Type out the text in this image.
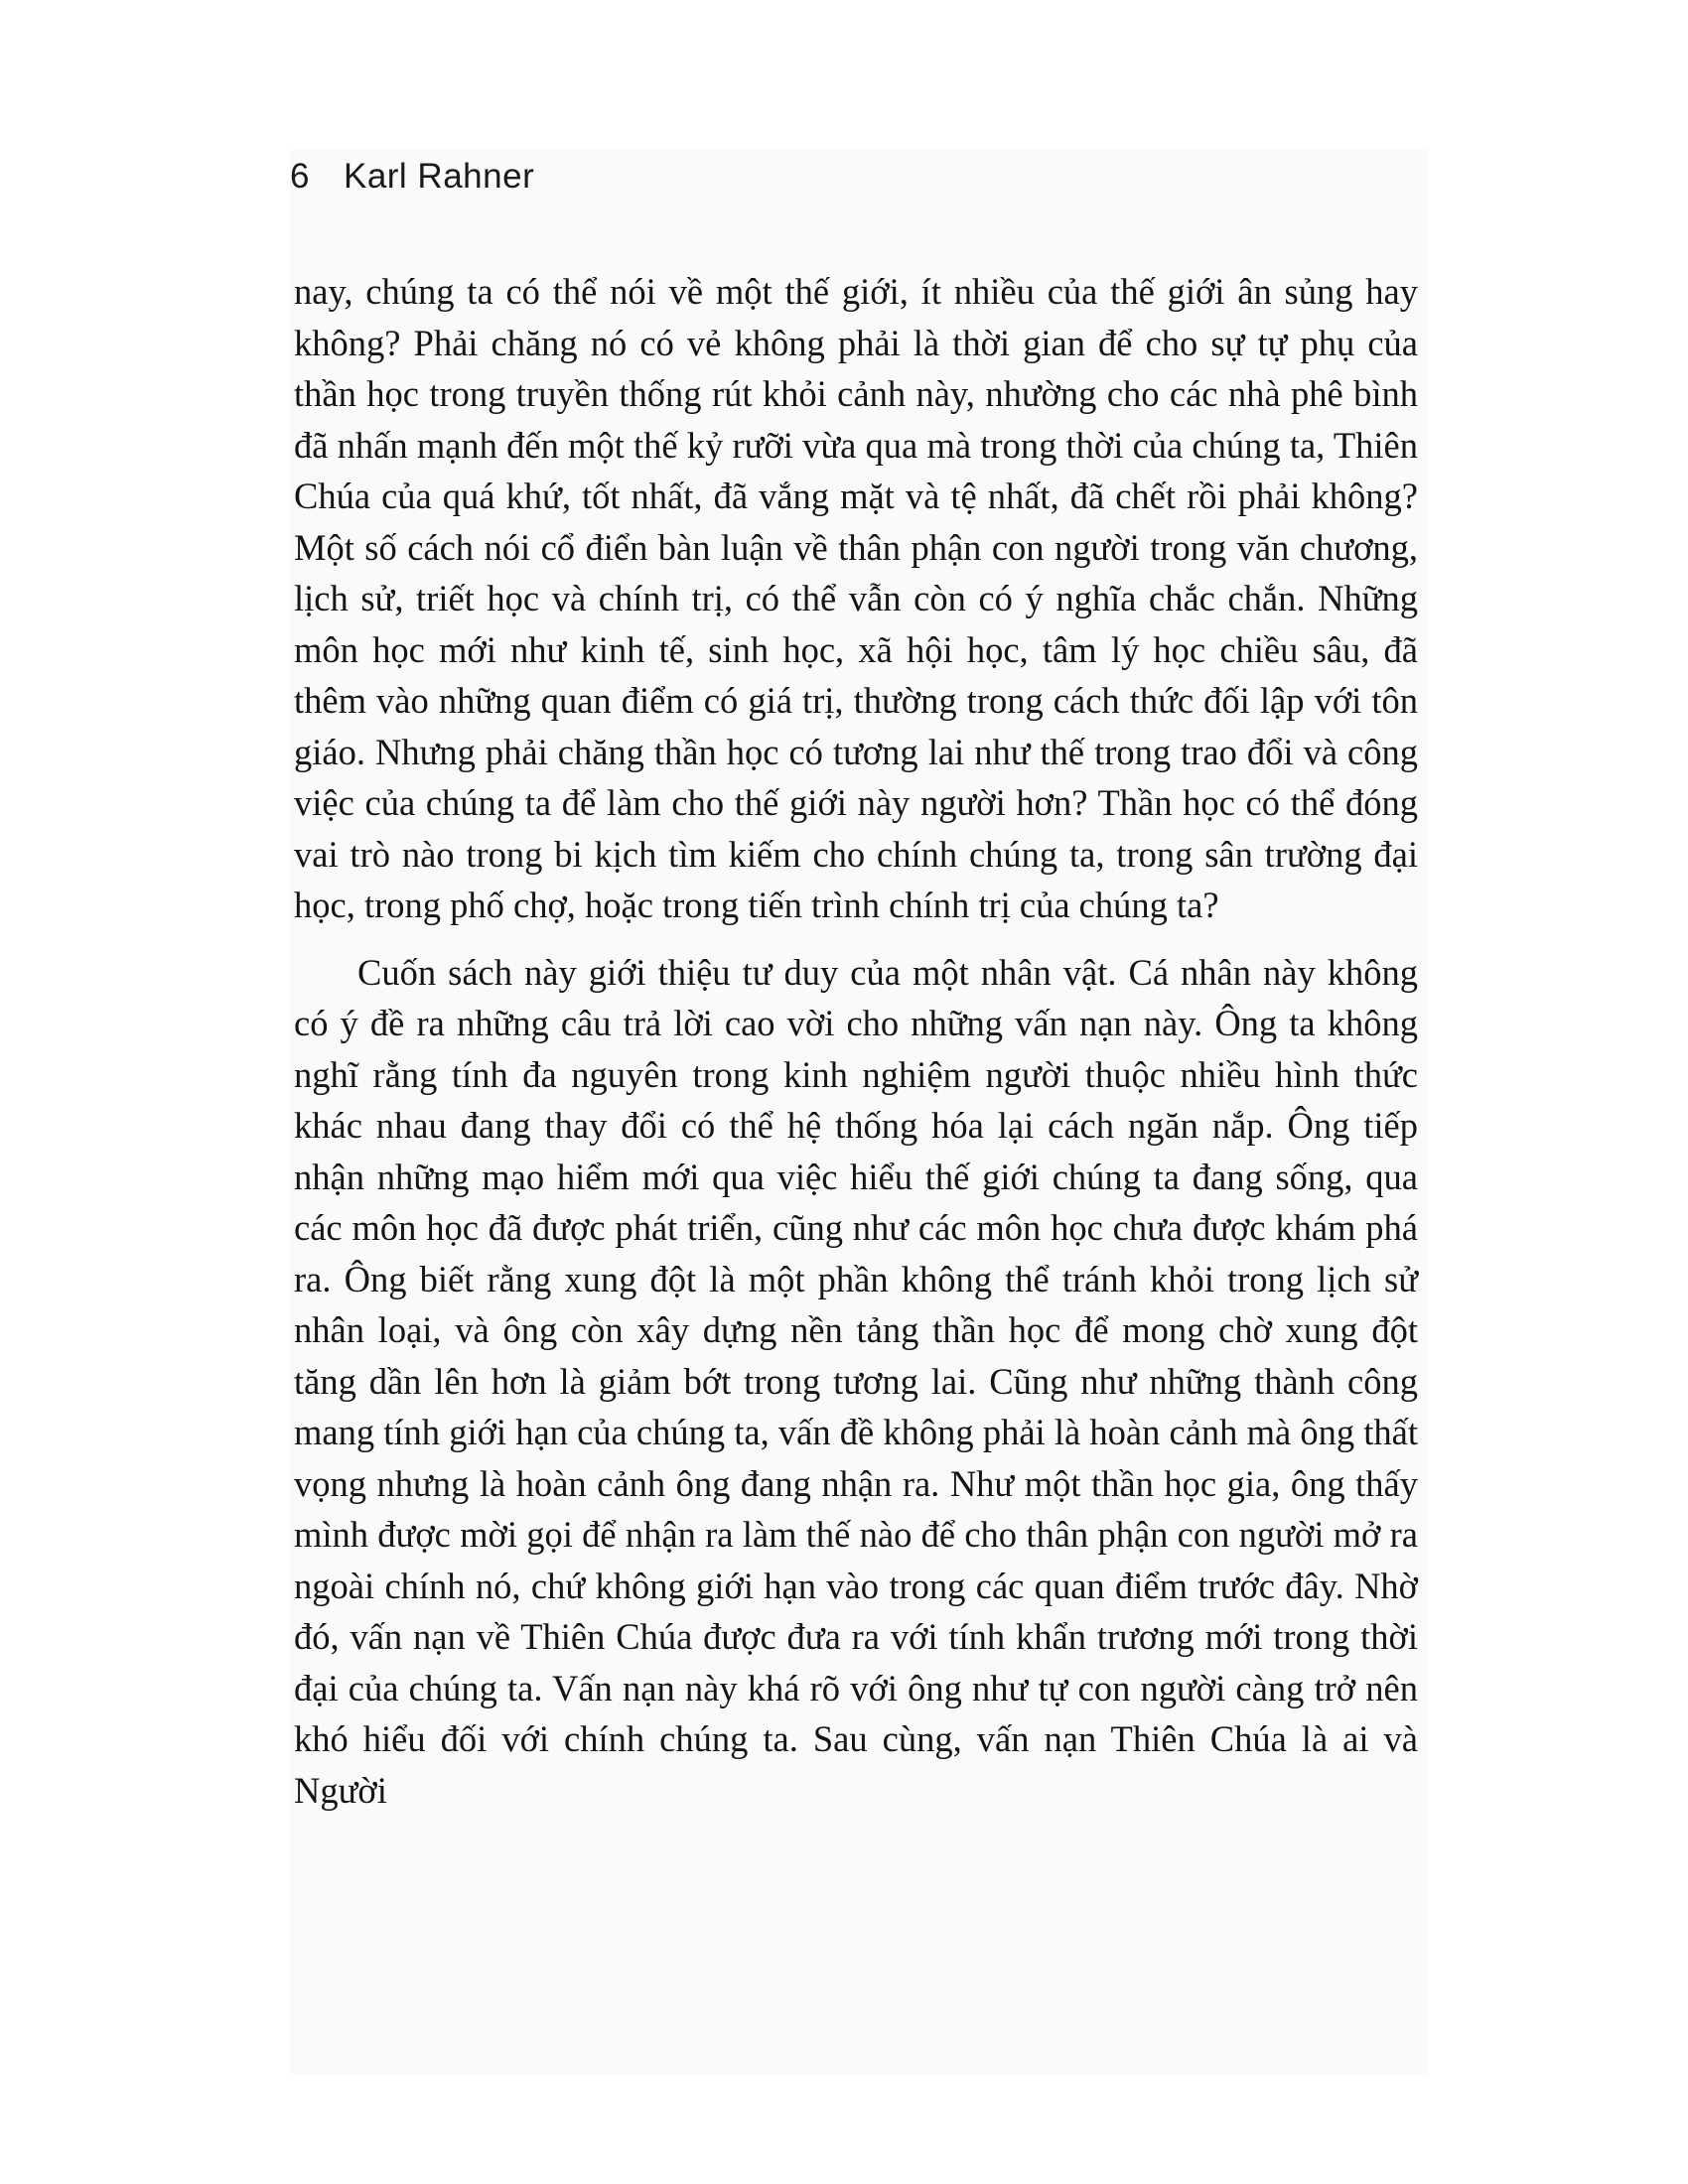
6 Karl Rahner

nay, chúng ta có thể nói về một thế giới, ít nhiều của thế giới ân sủng hay không? Phải chăng nó có vẻ không phải là thời gian để cho sự tự phụ của thần học trong truyền thống rút khỏi cảnh này, nhường cho các nhà phê bình đã nhấn mạnh đến một thế kỷ rưỡi vừa qua mà trong thời của chúng ta, Thiên Chúa của quá khứ, tốt nhất, đã vắng mặt và tệ nhất, đã chết rồi phải không? Một số cách nói cổ điển bàn luận về thân phận con người trong văn chương, lịch sử, triết học và chính trị, có thể vẫn còn có ý nghĩa chắc chắn. Những môn học mới như kinh tế, sinh học, xã hội học, tâm lý học chiều sâu, đã thêm vào những quan điểm có giá trị, thường trong cách thức đối lập với tôn giáo. Nhưng phải chăng thần học có tương lai như thế trong trao đổi và công việc của chúng ta để làm cho thế giới này người hơn? Thần học có thể đóng vai trò nào trong bi kịch tìm kiếm cho chính chúng ta, trong sân trường đại học, trong phố chợ, hoặc trong tiến trình chính trị của chúng ta?

Cuốn sách này giới thiệu tư duy của một nhân vật. Cá nhân này không có ý đề ra những câu trả lời cao vời cho những vấn nạn này. Ông ta không nghĩ rằng tính đa nguyên trong kinh nghiệm người thuộc nhiều hình thức khác nhau đang thay đổi có thể hệ thống hóa lại cách ngăn nắp. Ông tiếp nhận những mạo hiểm mới qua việc hiểu thế giới chúng ta đang sống, qua các môn học đã được phát triển, cũng như các môn học chưa được khám phá ra. Ông biết rằng xung đột là một phần không thể tránh khỏi trong lịch sử nhân loại, và ông còn xây dựng nền tảng thần học để mong chờ xung đột tăng dần lên hơn là giảm bớt trong tương lai. Cũng như những thành công mang tính giới hạn của chúng ta, vấn đề không phải là hoàn cảnh mà ông thất vọng nhưng là hoàn cảnh ông đang nhận ra. Như một thần học gia, ông thấy mình được mời gọi để nhận ra làm thế nào để cho thân phận con người mở ra ngoài chính nó, chứ không giới hạn vào trong các quan điểm trước đây. Nhờ đó, vấn nạn về Thiên Chúa được đưa ra với tính khẩn trương mới trong thời đại của chúng ta. Vấn nạn này khá rõ với ông như tự con người càng trở nên khó hiểu đối với chính chúng ta. Sau cùng, vấn nạn Thiên Chúa là ai và Người
